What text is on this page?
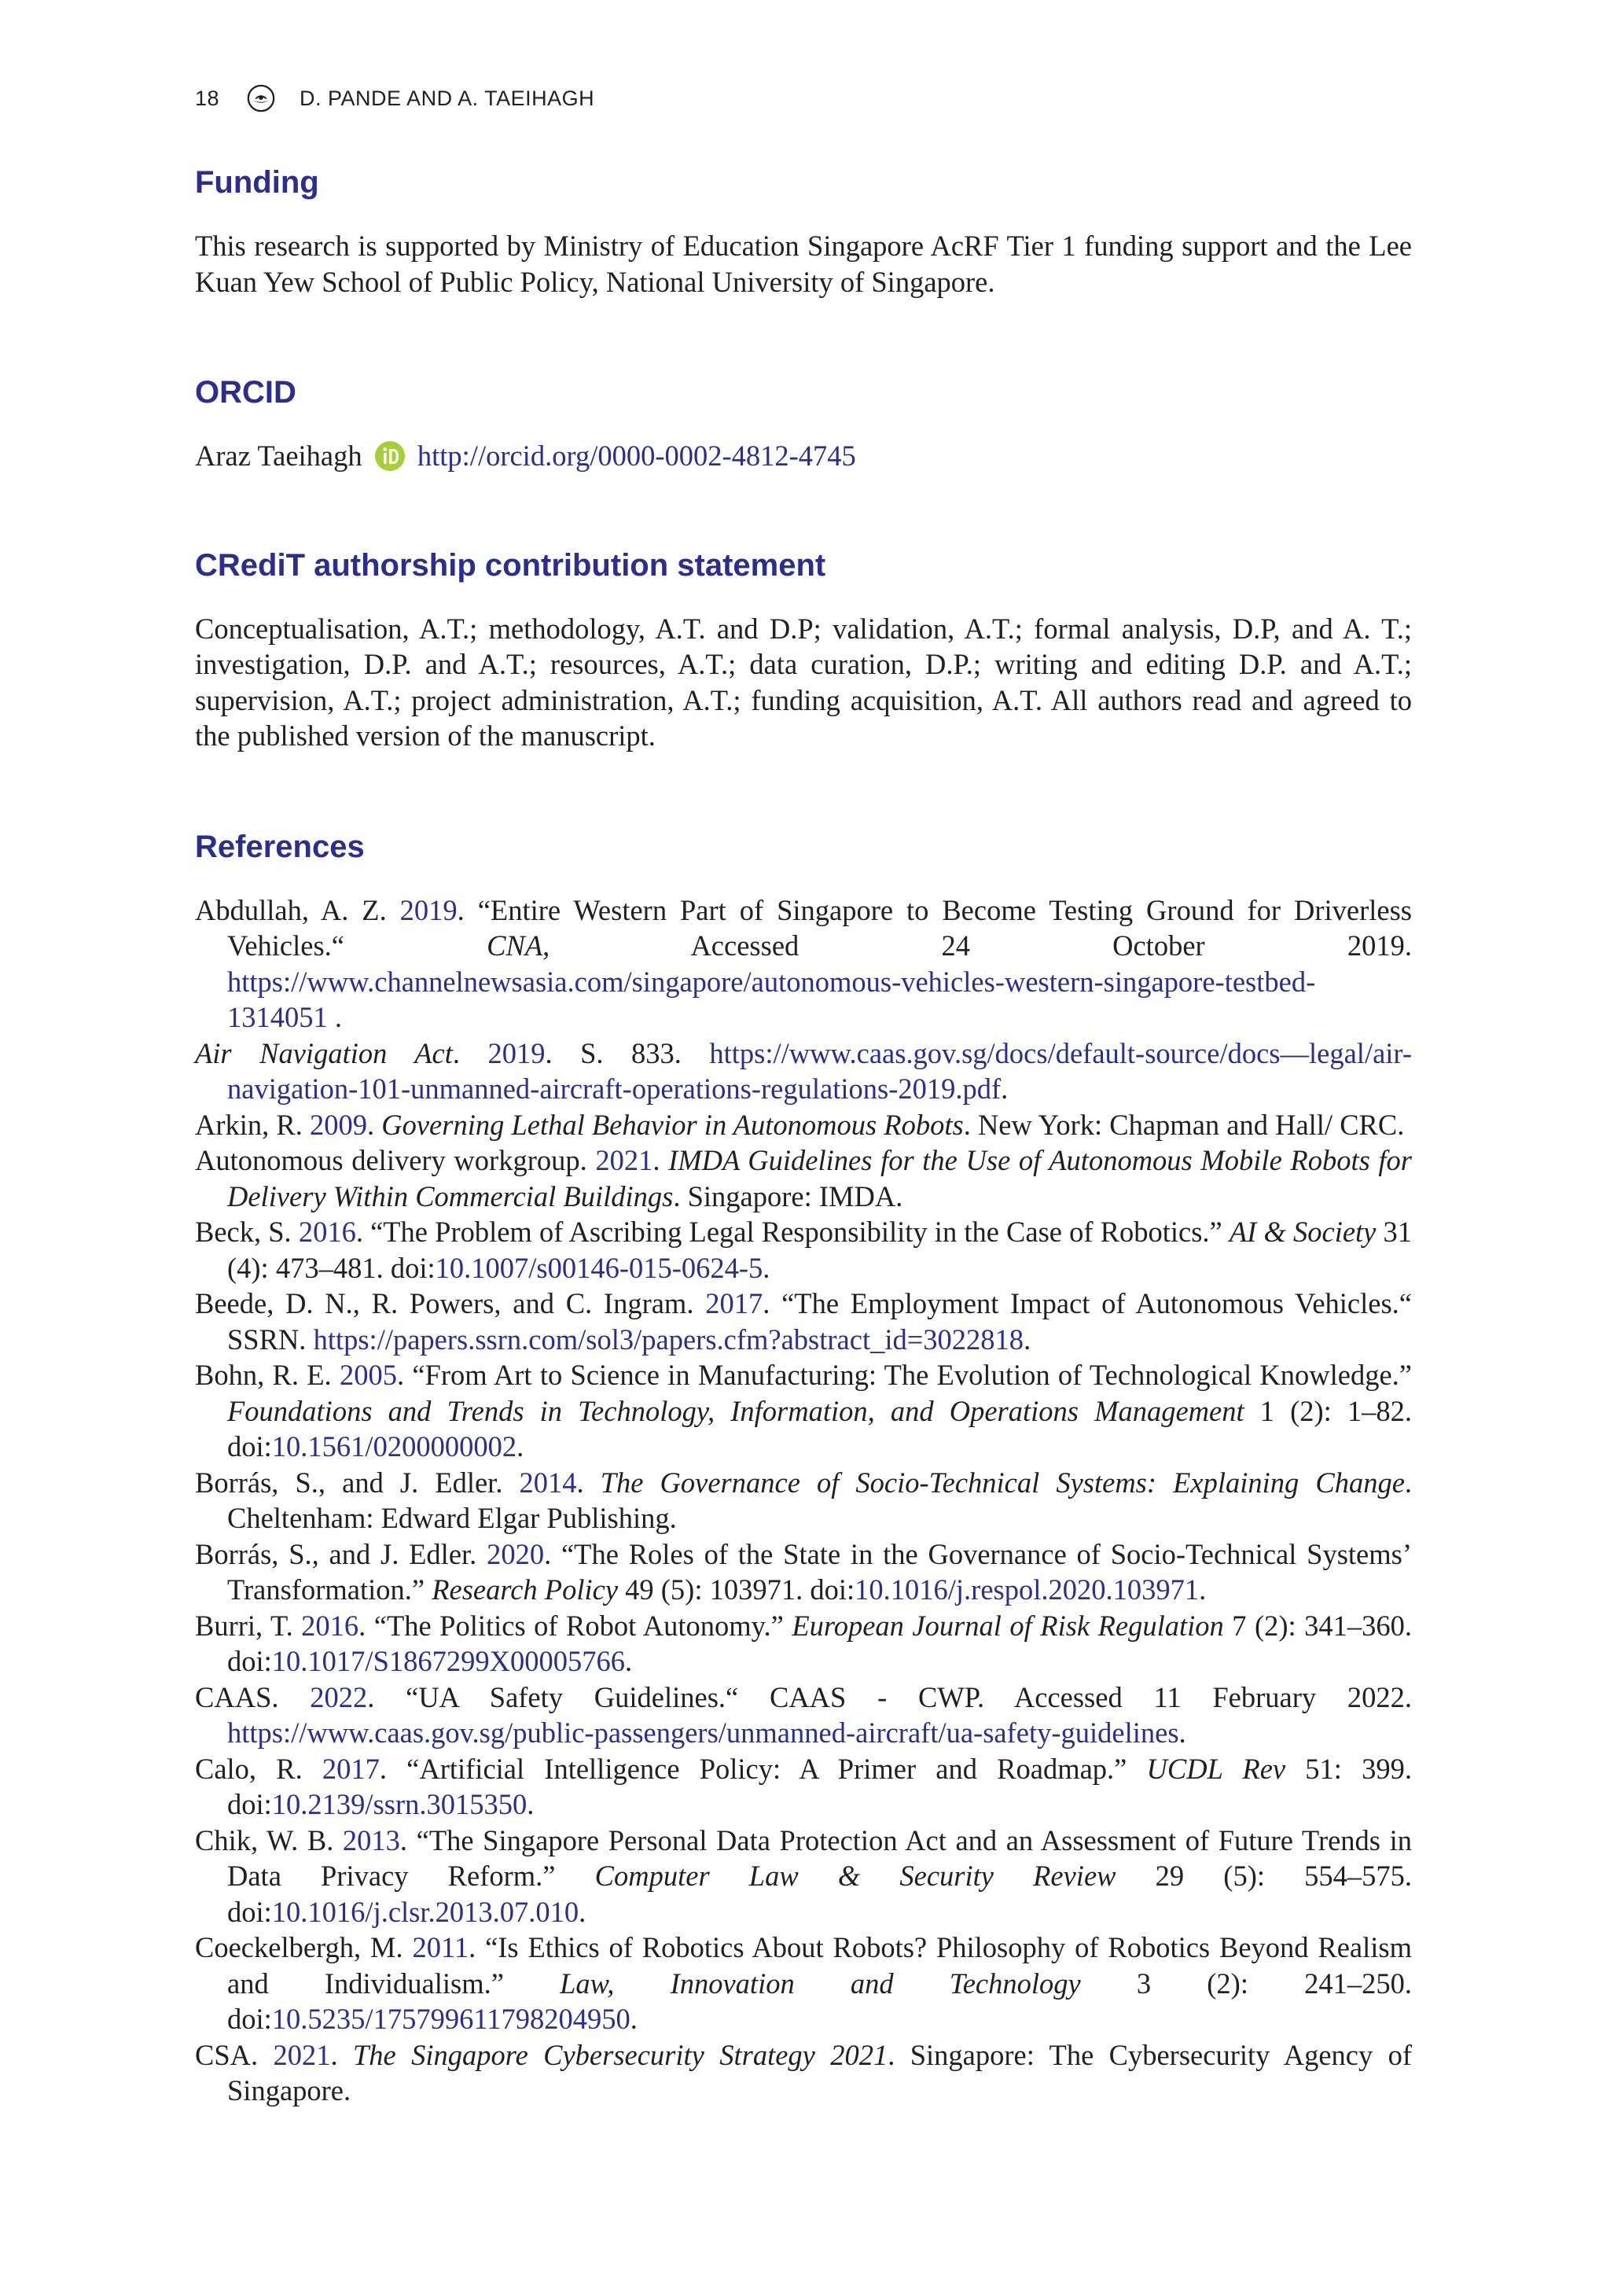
18	D. PANDE AND A. TAEIHAGH
Funding

This research is supported by Ministry of Education Singapore AcRF Tier 1 funding support and the Lee Kuan Yew School of Public Policy, National University of Singapore.

ORCID

Araz Taeihagh http://orcid.org/0000-0002-4812-4745

CRediT authorship contribution statement

Conceptualisation, A.T.; methodology, A.T. and D.P; validation, A.T.; formal analysis, D.P, and A. T.; investigation, D.P. and A.T.; resources, A.T.; data curation, D.P.; writing and editing D.P. and A.T.; supervision, A.T.; project administration, A.T.; funding acquisition, A.T. All authors read and agreed to the published version of the manuscript.

References
Abdullah, A. Z. 2019. “Entire Western Part of Singapore to Become Testing Ground for Driverless Vehicles.“ CNA, Accessed 24 October 2019. https://www.channelnewsasia.com/singapore/autonomous-vehicles-western-singapore-testbed-1314051 .
Air Navigation Act. 2019. S. 833. https://www.caas.gov.sg/docs/default-source/docs—legal/air-navigation-101-unmanned-aircraft-operations-regulations-2019.pdf.
Arkin, R. 2009. Governing Lethal Behavior in Autonomous Robots. New York: Chapman and Hall/ CRC.
Autonomous delivery workgroup. 2021. IMDA Guidelines for the Use of Autonomous Mobile Robots for Delivery Within Commercial Buildings. Singapore: IMDA.
Beck, S. 2016. “The Problem of Ascribing Legal Responsibility in the Case of Robotics.” AI & Society 31 (4): 473–481. doi:10.1007/s00146-015-0624-5.
Beede, D. N., R. Powers, and C. Ingram. 2017. “The Employment Impact of Autonomous Vehicles.“ SSRN. https://papers.ssrn.com/sol3/papers.cfm?abstract_id=3022818.
Bohn, R. E. 2005. “From Art to Science in Manufacturing: The Evolution of Technological Knowledge.” Foundations and Trends in Technology, Information, and Operations Management 1 (2): 1–82. doi:10.1561/0200000002.
Borrás, S., and J. Edler. 2014. The Governance of Socio-Technical Systems: Explaining Change. Cheltenham: Edward Elgar Publishing.
Borrás, S., and J. Edler. 2020. “The Roles of the State in the Governance of Socio-Technical Systems’ Transformation.” Research Policy 49 (5): 103971. doi:10.1016/j.respol.2020.103971.
Burri, T. 2016. “The Politics of Robot Autonomy.” European Journal of Risk Regulation 7 (2): 341–360. doi:10.1017/S1867299X00005766.
CAAS. 2022. “UA Safety Guidelines.“ CAAS - CWP. Accessed 11 February 2022. https://www.caas.gov.sg/public-passengers/unmanned-aircraft/ua-safety-guidelines.
Calo, R. 2017. “Artificial Intelligence Policy: A Primer and Roadmap.” UCDL Rev 51: 399. doi:10.2139/ssrn.3015350.
Chik, W. B. 2013. “The Singapore Personal Data Protection Act and an Assessment of Future Trends in Data Privacy Reform.” Computer Law & Security Review 29 (5): 554–575. doi:10.1016/j.clsr.2013.07.010.
Coeckelbergh, M. 2011. “Is Ethics of Robotics About Robots? Philosophy of Robotics Beyond Realism and Individualism.” Law, Innovation and Technology 3 (2): 241–250. doi:10.5235/175799611798204950.
CSA. 2021. The Singapore Cybersecurity Strategy 2021. Singapore: The Cybersecurity Agency of Singapore.
